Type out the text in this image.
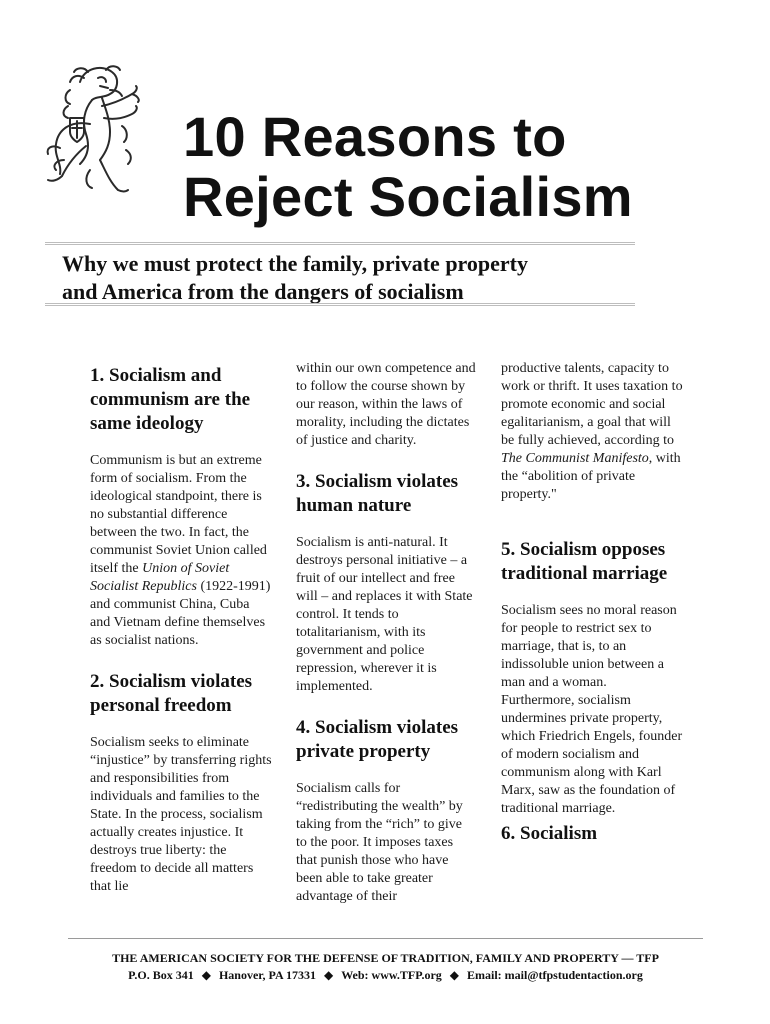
10 Reasons to
Reject Socialism
Why we must protect the family, private property
and America from the dangers of socialism
1. Socialism and communism are the same ideology

Communism is but an extreme form of socialism. From the ideological standpoint, there is no substantial difference between the two. In fact, the communist Soviet Union called itself the Union of Soviet Socialist Republics (1922-1991) and communist China, Cuba and Vietnam define themselves as socialist nations.

2. Socialism violates personal freedom

Socialism seeks to eliminate “injustice” by transferring rights and responsibilities from individuals and families to the State. In the process, socialism actually creates injustice. It destroys true liberty: the freedom to decide all matters that lie

within our own competence and to follow the course shown by our reason, within the laws of morality, including the dictates of justice and charity.

3. Socialism violates human nature

Socialism is anti-natural. It destroys personal initiative – a fruit of our intellect and free will – and replaces it with State control. It tends to totalitarianism, with its government and police repression, wherever it is implemented.

4. Socialism violates private property

Socialism calls for “redistributing the wealth” by taking from the “rich” to give to the poor. It imposes taxes that punish those who have been able to take greater advantage of their

productive talents, capacity to work or thrift. It uses taxation to promote economic and social egalitarianism, a goal that will be fully achieved, according to The Communist Manifesto, with the “abolition of private property."

5. Socialism opposes traditional marriage

Socialism sees no moral reason for people to restrict sex to marriage, that is, to an indissoluble union between a man and a woman. Furthermore, socialism undermines private property, which Friedrich Engels, founder of modern socialism and communism along with Karl Marx, saw as the foundation of traditional marriage.

6. Socialism
THE AMERICAN SOCIETY FOR THE DEFENSE OF TRADITION, FAMILY AND PROPERTY — TFP
P.O. Box 341 ◆ Hanover, PA 17331 ◆ Web: www.TFP.org ◆ Email: mail@tfpstudentaction.org
